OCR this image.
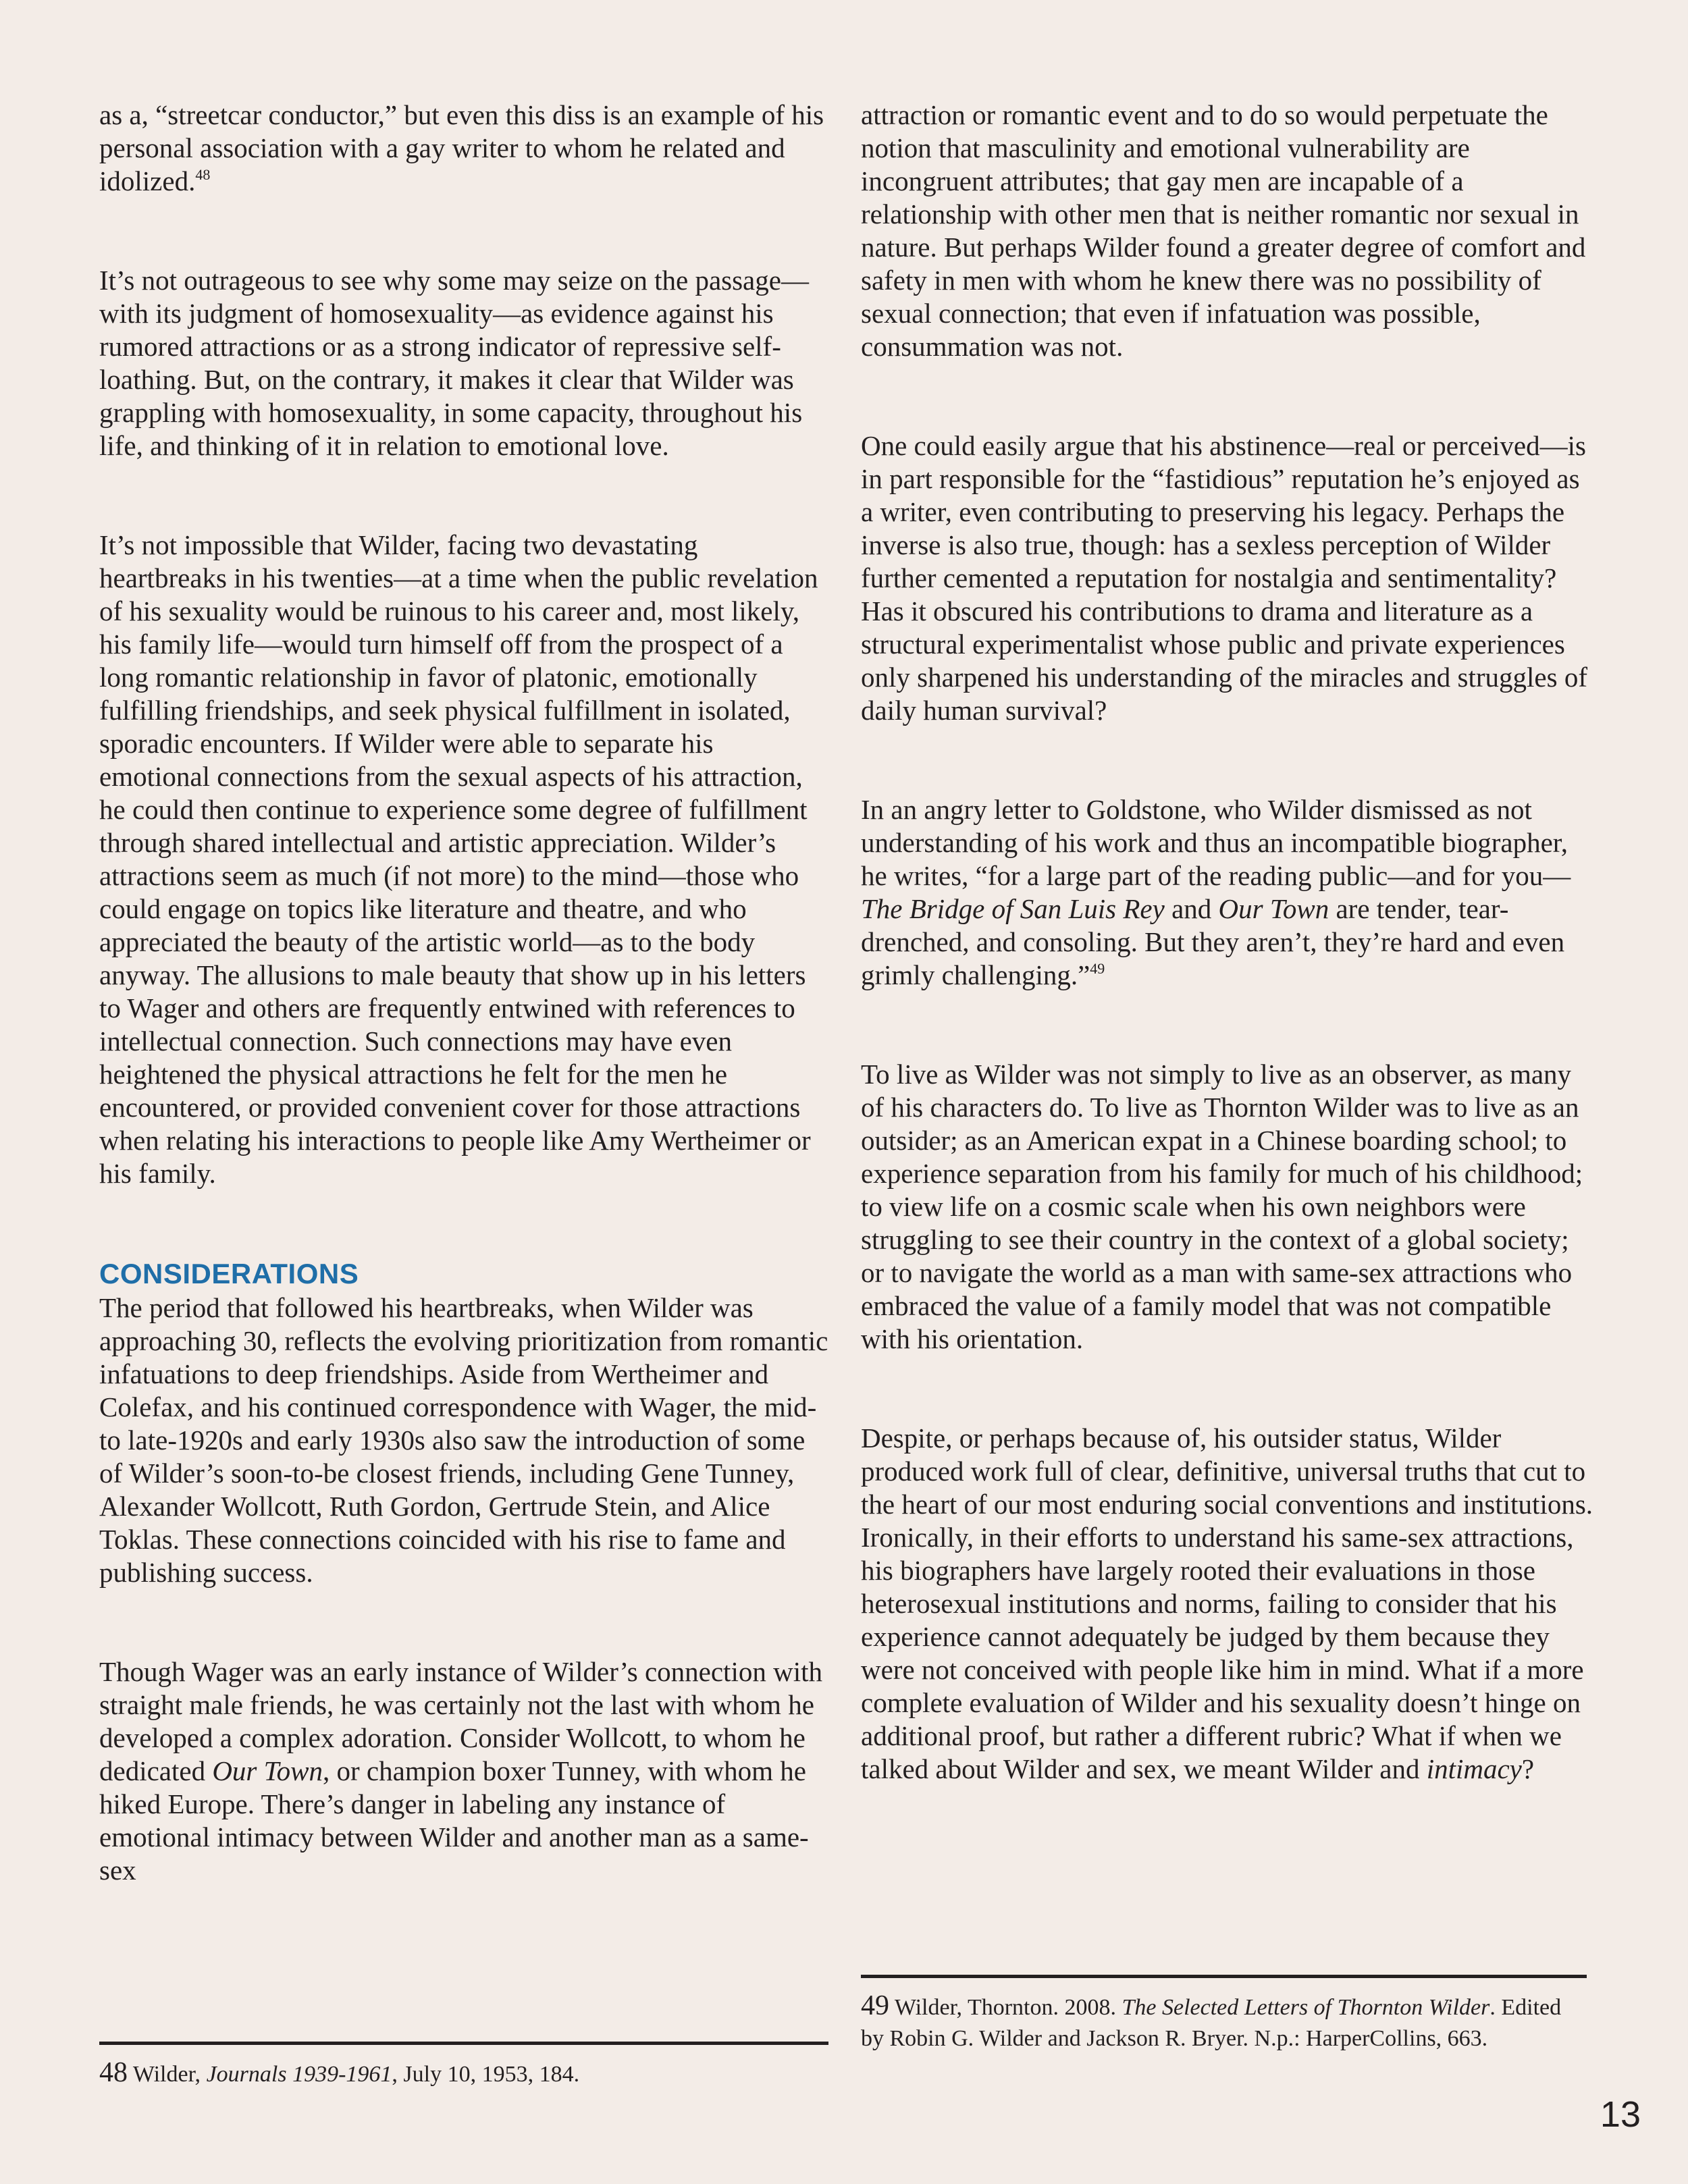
as a, “streetcar conductor,” but even this diss is an example of his personal association with a gay writer to whom he related and idolized.$^{48}$

It’s not outrageous to see why some may seize on the passage—with its judgment of homosexuality—as evidence against his rumored attractions or as a strong indicator of repressive self-loathing. But, on the contrary, it makes it clear that Wilder was grappling with homosexuality, in some capacity, throughout his life, and thinking of it in relation to emotional love.

It’s not impossible that Wilder, facing two devastating heartbreaks in his twenties—at a time when the public revelation of his sexuality would be ruinous to his career and, most likely, his family life—would turn himself off from the prospect of a long romantic relationship in favor of platonic, emotionally fulfilling friendships, and seek physical fulfillment in isolated, sporadic encounters. If Wilder were able to separate his emotional connections from the sexual aspects of his attraction, he could then continue to experience some degree of fulfillment through shared intellectual and artistic appreciation. Wilder’s attractions seem as much (if not more) to the mind—those who could engage on topics like literature and theatre, and who appreciated the beauty of the artistic world—as to the body anyway. The allusions to male beauty that show up in his letters to Wager and others are frequently entwined with references to intellectual connection. Such connections may have even heightened the physical attractions he felt for the men he encountered, or provided convenient cover for those attractions when relating his interactions to people like Amy Wertheimer or his family.

CONSIDERATIONS

The period that followed his heartbreaks, when Wilder was approaching 30, reflects the evolving prioritization from romantic infatuations to deep friendships. Aside from Wertheimer and Colefax, and his continued correspondence with Wager, the mid- to late-1920s and early 1930s also saw the introduction of some of Wilder’s soon-to-be closest friends, including Gene Tunney, Alexander Wollcott, Ruth Gordon, Gertrude Stein, and Alice Toklas. These connections coincided with his rise to fame and publishing success.

Though Wager was an early instance of Wilder’s connection with straight male friends, he was certainly not the last with whom he developed a complex adoration. Consider Wollcott, to whom he dedicated Our Town, or champion boxer Tunney, with whom he hiked Europe. There’s danger in labeling any instance of emotional intimacy between Wilder and another man as a same-sex

attraction or romantic event and to do so would perpetuate the notion that masculinity and emotional vulnerability are incongruent attributes; that gay men are incapable of a relationship with other men that is neither romantic nor sexual in nature. But perhaps Wilder found a greater degree of comfort and safety in men with whom he knew there was no possibility of sexual connection; that even if infatuation was possible, consummation was not.

One could easily argue that his abstinence—real or perceived—is in part responsible for the “fastidious” reputation he’s enjoyed as a writer, even contributing to preserving his legacy. Perhaps the inverse is also true, though: has a sexless perception of Wilder further cemented a reputation for nostalgia and sentimentality? Has it obscured his contributions to drama and literature as a structural experimentalist whose public and private experiences only sharpened his understanding of the miracles and struggles of daily human survival?

In an angry letter to Goldstone, who Wilder dismissed as not understanding of his work and thus an incompatible biographer, he writes, “for a large part of the reading public—and for you—The Bridge of San Luis Rey and Our Town are tender, tear-drenched, and consoling. But they aren’t, they’re hard and even grimly challenging.”$^{49}$

To live as Wilder was not simply to live as an observer, as many of his characters do. To live as Thornton Wilder was to live as an outsider; as an American expat in a Chinese boarding school; to experience separation from his family for much of his childhood; to view life on a cosmic scale when his own neighbors were struggling to see their country in the context of a global society; or to navigate the world as a man with same-sex attractions who embraced the value of a family model that was not compatible with his orientation.

Despite, or perhaps because of, his outsider status, Wilder produced work full of clear, definitive, universal truths that cut to the heart of our most enduring social conventions and institutions. Ironically, in their efforts to understand his same-sex attractions, his biographers have largely rooted their evaluations in those heterosexual institutions and norms, failing to consider that his experience cannot adequately be judged by them because they were not conceived with people like him in mind. What if a more complete evaluation of Wilder and his sexuality doesn’t hinge on additional proof, but rather a different rubric? What if when we talked about Wilder and sex, we meant Wilder and intimacy?

48 Wilder, Journals 1939-1961, July 10, 1953, 184.
49 Wilder, Thornton. 2008. The Selected Letters of Thornton Wilder. Edited by Robin G. Wilder and Jackson R. Bryer. N.p.: HarperCollins, 663.
13
